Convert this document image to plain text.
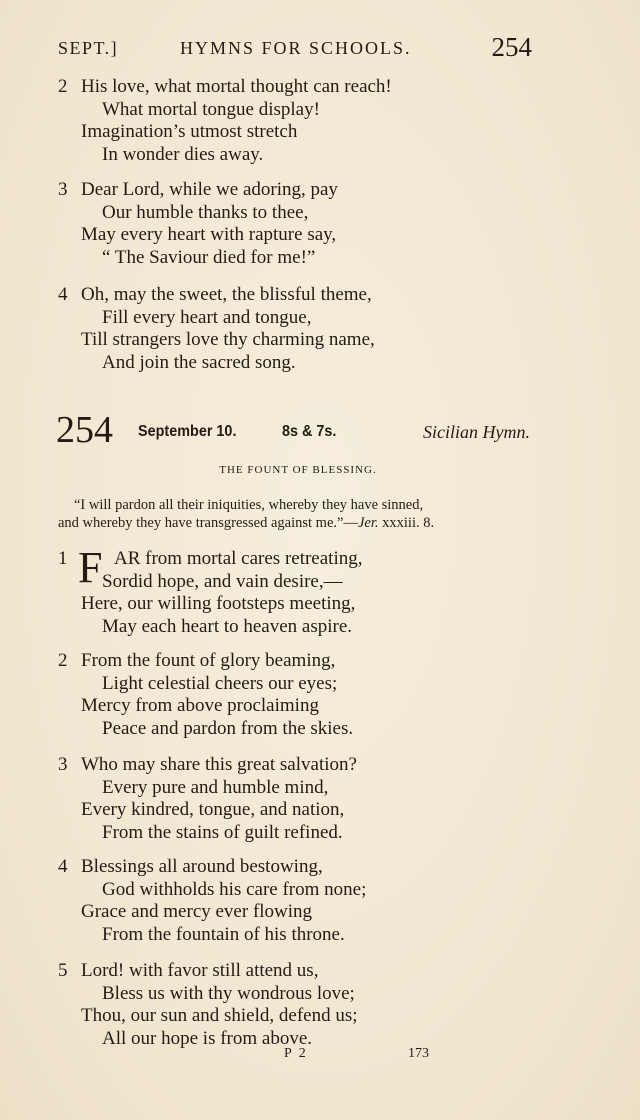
SEPT.]	HYMNS FOR SCHOOLS.	254
2 His love, what mortal thought can reach!
What mortal tongue display!
Imagination’s utmost stretch
In wonder dies away.
3 Dear Lord, while we adoring, pay
Our humble thanks to thee,
May every heart with rapture say,
“ The Saviour died for me!”
4 Oh, may the sweet, the blissful theme,
Fill every heart and tongue,
Till strangers love thy charming name,
And join the sacred song.
254 September 10.	8s & 7s.	Sicilian Hymn.
THE FOUNT OF BLESSING.
“I will pardon all their iniquities, whereby they have sinned,
and whereby they have transgressed against me.”—Jer. xxxiii. 8.
1 F AR from mortal cares retreating,
Sordid hope, and vain desire,—
Here, our willing footsteps meeting,
May each heart to heaven aspire.
2 From the fount of glory beaming,
Light celestial cheers our eyes;
Mercy from above proclaiming
Peace and pardon from the skies.
3 Who may share this great salvation?
Every pure and humble mind,
Every kindred, tongue, and nation,
From the stains of guilt refined.
4 Blessings all around bestowing,
God withholds his care from none;
Grace and mercy ever flowing
From the fountain of his throne.
5 Lord! with favor still attend us,
Bless us with thy wondrous love;
Thou, our sun and shield, defend us;
All our hope is from above.
P 2	173
